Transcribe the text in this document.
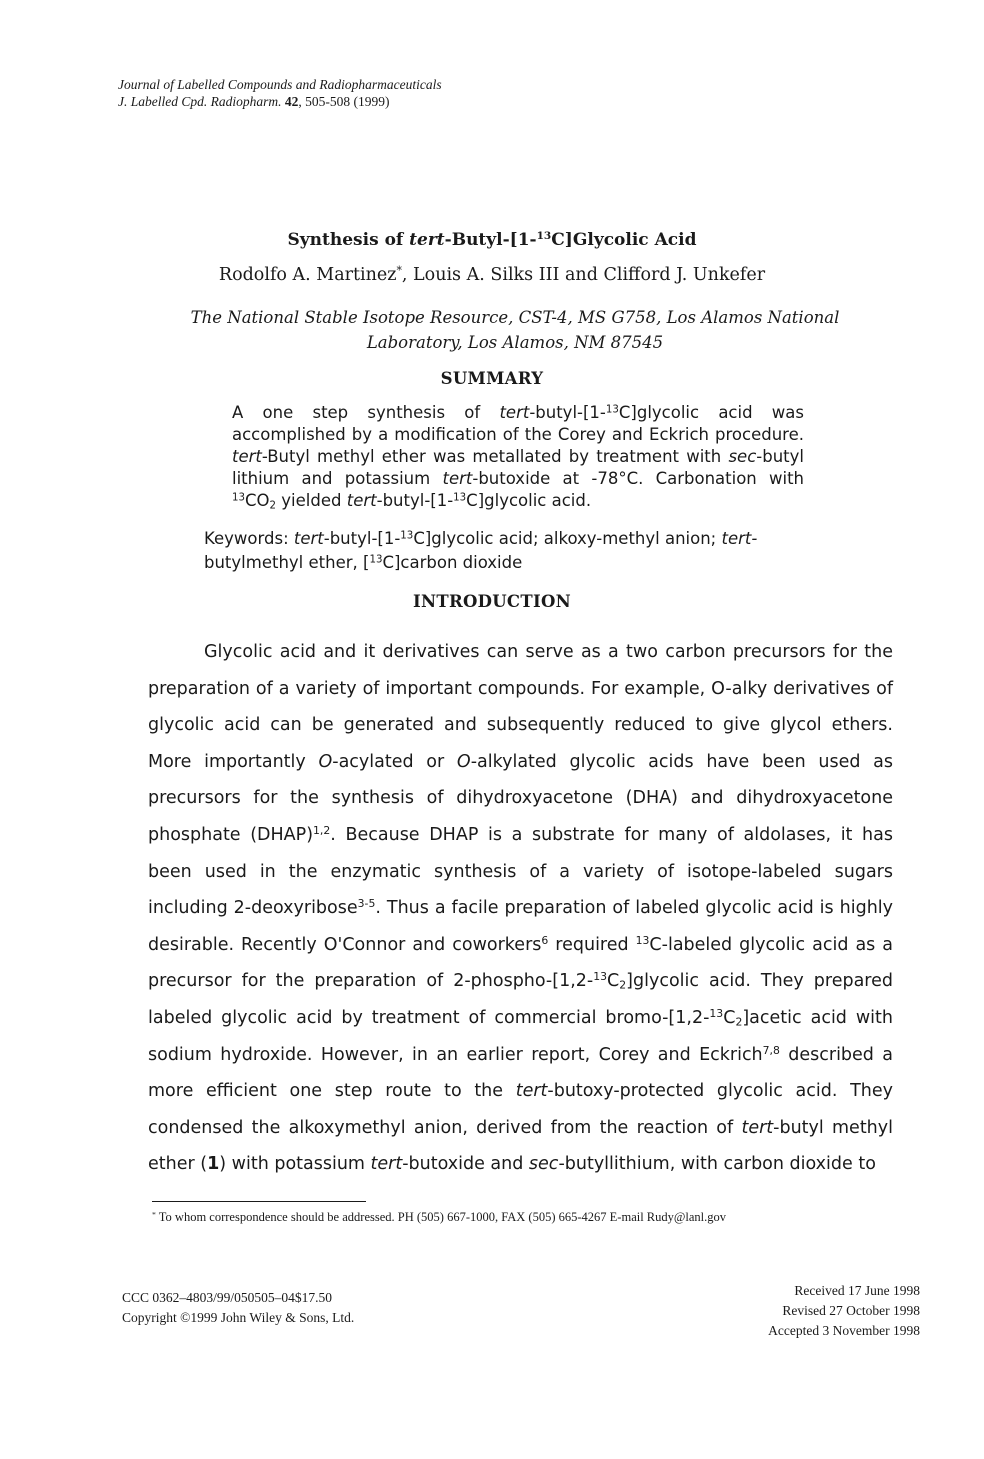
Journal of Labelled Compounds and Radiopharmaceuticals
J. Labelled Cpd. Radiopharm. 42, 505-508 (1999)
Synthesis of tert-Butyl-[1-$^{13}$C]Glycolic Acid
Rodolfo A. Martinez*, Louis A. Silks III and Clifford J. Unkefer
The National Stable Isotope Resource, CST-4, MS G758, Los Alamos National Laboratory, Los Alamos, NM 87545
SUMMARY
A one step synthesis of tert-butyl-[1-$^{13}$C]glycolic acid was accomplished by a modification of the Corey and Eckrich procedure. tert-Butyl methyl ether was metallated by treatment with sec-butyl lithium and potassium tert-butoxide at -78°C. Carbonation with $^{13}CO_2$ yielded tert-butyl-[1-$^{13}$C]glycolic acid.
Keywords: tert-butyl-[1-$^{13}$C]glycolic acid; alkoxy-methyl anion; tert- butylmethyl ether, [$^{13}$C]carbon dioxide
INTRODUCTION
Glycolic acid and it derivatives can serve as a two carbon precursors for the preparation of a variety of important compounds. For example, O-alky derivatives of glycolic acid can be generated and subsequently reduced to give glycol ethers. More importantly O-acylated or O-alkylated glycolic acids have been used as precursors for the synthesis of dihydroxyacetone (DHA) and dihydroxyacetone phosphate (DHAP)$^{1,2}$. Because DHAP is a substrate for many of aldolases, it has been used in the enzymatic synthesis of a variety of isotope-labeled sugars including 2-deoxyribose$^{3-5}$. Thus a facile preparation of labeled glycolic acid is highly desirable. Recently O'Connor and coworkers$^6$ required $^{13}$C-labeled glycolic acid as a precursor for the preparation of $2-phospho-[1,2-^{13}C_2]glycolic$ acid. They prepared labeled glycolic acid by treatment of commercial bromo-$[1,2-^{13}C_2]acetic$ acid with sodium hydroxide. However, in an earlier report, Corey and Eckrich$^{7,8}$ described a more efficient one step route to the tert-butoxy-protected glycolic acid. They condensed the alkoxymethyl anion, derived from the reaction of tert-butyl methyl ether (1) with potassium tert-butoxide and sec-butyllithium, with carbon dioxide to
* To whom correspondence should be addressed. PH (505) 667-1000, FAX (505) 665-4267 E-mail Rudy@lanl.gov
CCC 0362–4803/99/050505–04$17.50
Copyright ©1999 John Wiley & Sons, Ltd.
Received 17 June 1998
Revised 27 October 1998
Accepted 3 November 1998
